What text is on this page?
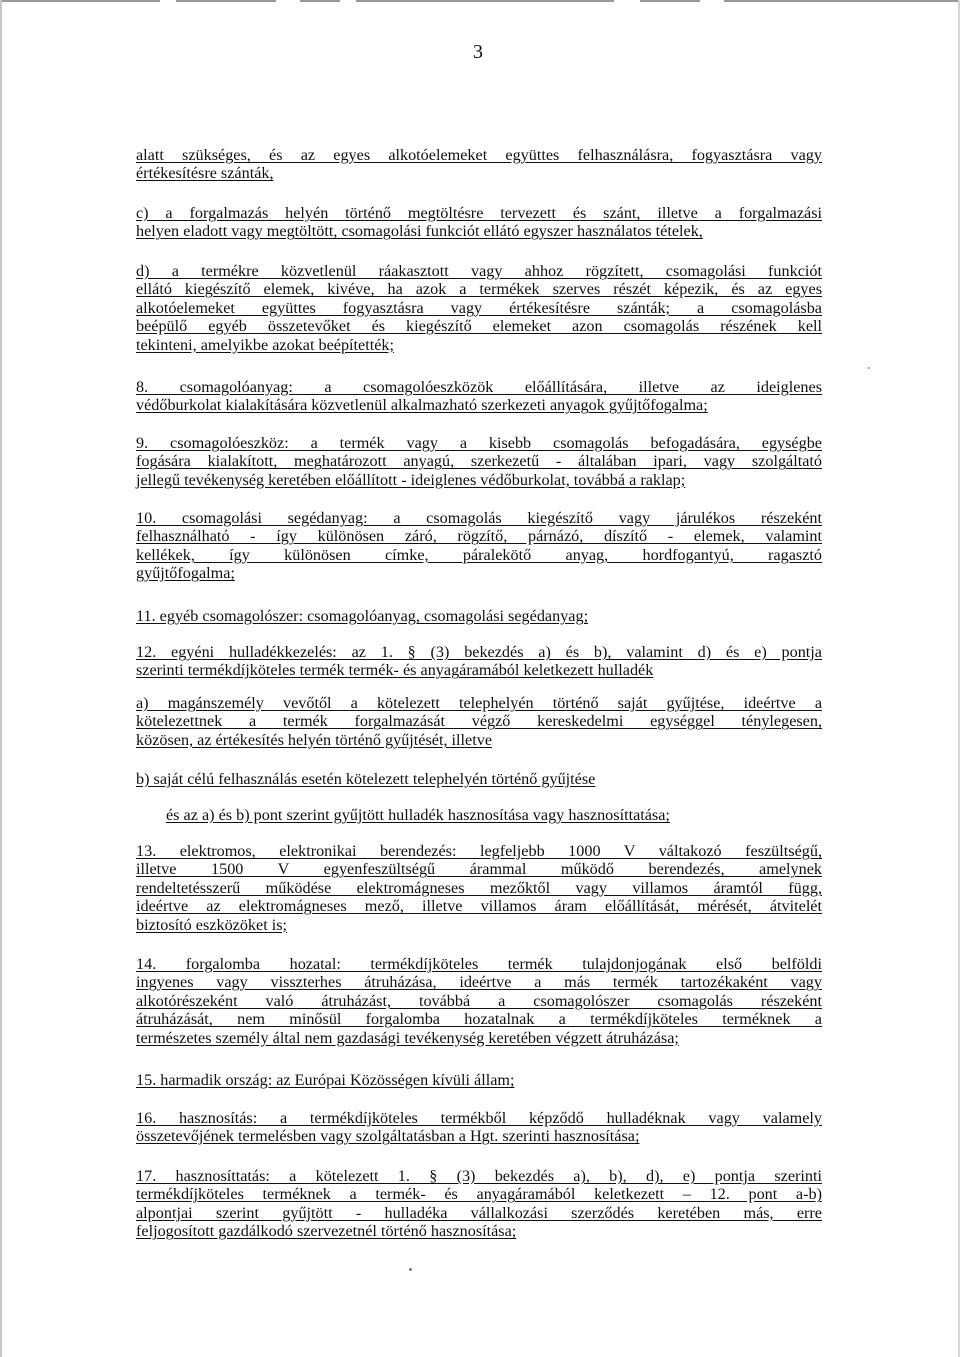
3
alatt szükséges, és az egyes alkotóelemeket együttes felhasználásra, fogyasztásra vagy
értékesítésre szánták,
c) a forgalmazás helyén történő megtöltésre tervezett és szánt, illetve a forgalmazási
helyen eladott vagy megtöltött, csomagolási funkciót ellátó egyszer használatos tételek,
d) a termékre közvetlenül ráakasztott vagy ahhoz rögzített, csomagolási funkciót
ellátó kiegészítő elemek, kivéve, ha azok a termékek szerves részét képezik, és az egyes
alkotóelemeket együttes fogyasztásra vagy értékesítésre szánták; a csomagolásba
beépülő egyéb összetevőket és kiegészítő elemeket azon csomagolás részének kell
tekinteni, amelyikbe azokat beépítették;
8. csomagolóanyag: a csomagolóeszközök előállítására, illetve az ideiglenes
védőburkolat kialakítására közvetlenül alkalmazható szerkezeti anyagok gyűjtőfogalma;
9. csomagolóeszköz: a termék vagy a kisebb csomagolás befogadására, egységbe
fogására kialakított, meghatározott anyagú, szerkezetű - általában ipari, vagy szolgáltató
jellegű tevékenység keretében előállított - ideiglenes védőburkolat, továbbá a raklap;
10. csomagolási segédanyag: a csomagolás kiegészítő vagy járulékos részeként
felhasználható - így különösen záró, rögzítő, párnázó, díszítő - elemek, valamint
kellékek, így különösen címke, páralekötő anyag, hordfogantyú, ragasztó
gyűjtőfogalma;
11. egyéb csomagolószer: csomagolóanyag, csomagolási segédanyag;
12. egyéni hulladékkezelés: az 1. § (3) bekezdés a) és b), valamint d) és e) pontja
szerinti termékdíjköteles termék termék- és anyagáramából keletkezett hulladék
a) magánszemély vevőtől a kötelezett telephelyén történő saját gyűjtése, ideértve a
kötelezettnek a termék forgalmazását végző kereskedelmi egységgel ténylegesen,
közösen, az értékesítés helyén történő gyűjtését, illetve
b) saját célú felhasználás esetén kötelezett telephelyén történő gyűjtése
és az a) és b) pont szerint gyűjtött hulladék hasznosítása vagy hasznosíttatása;
13. elektromos, elektronikai berendezés: legfeljebb 1000 V váltakozó feszültségű,
illetve 1500 V egyenfeszültségű árammal működő berendezés, amelynek
rendeltetésszerű működése elektromágneses mezőktől vagy villamos áramtól függ,
ideértve az elektromágneses mező, illetve villamos áram előállítását, mérését, átvitelét
biztosító eszközöket is;
14. forgalomba hozatal: termékdíjköteles termék tulajdonjogának első belföldi
ingyenes vagy visszterhes átruházása, ideértve a más termék tartozékaként vagy
alkotórészeként való átruházást, továbbá a csomagolószer csomagolás részeként
átruházását, nem minősül forgalomba hozatalnak a termékdíjköteles terméknek a
természetes személy által nem gazdasági tevékenység keretében végzett átruházása;
15. harmadik ország: az Európai Közösségen kívüli állam;
16. hasznosítás: a termékdíjköteles termékből képződő hulladéknak vagy valamely
összetevőjének termelésben vagy szolgáltatásban a Hgt. szerinti hasznosítása;
17. hasznosíttatás: a kötelezett 1. § (3) bekezdés a), b), d), e) pontja szerinti
termékdíjköteles terméknek a termék- és anyagáramából keletkezett – 12. pont a-b)
alpontjai szerint gyűjtött - hulladéka vállalkozási szerződés keretében más, erre
feljogosított gazdálkodó szervezetnél történő hasznosítása;
